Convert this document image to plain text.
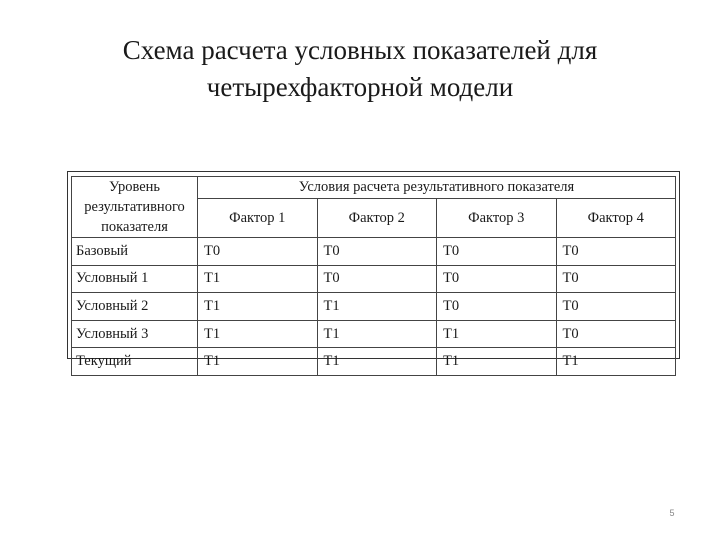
Схема расчета условных показателей для
четырехфакторной модели
Уровень
результативного
показателя	Условия расчета результативного показателя			
	Фактор 1	Фактор 2	Фактор 3	Фактор 4
Базовый	T0	T0	T0	T0
Условный 1	T1	T0	T0	T0
Условный 2	T1	T1	T0	T0
Условный 3	T1	T1	T1	T0
Текущий	T1	T1	T1	T1
5
